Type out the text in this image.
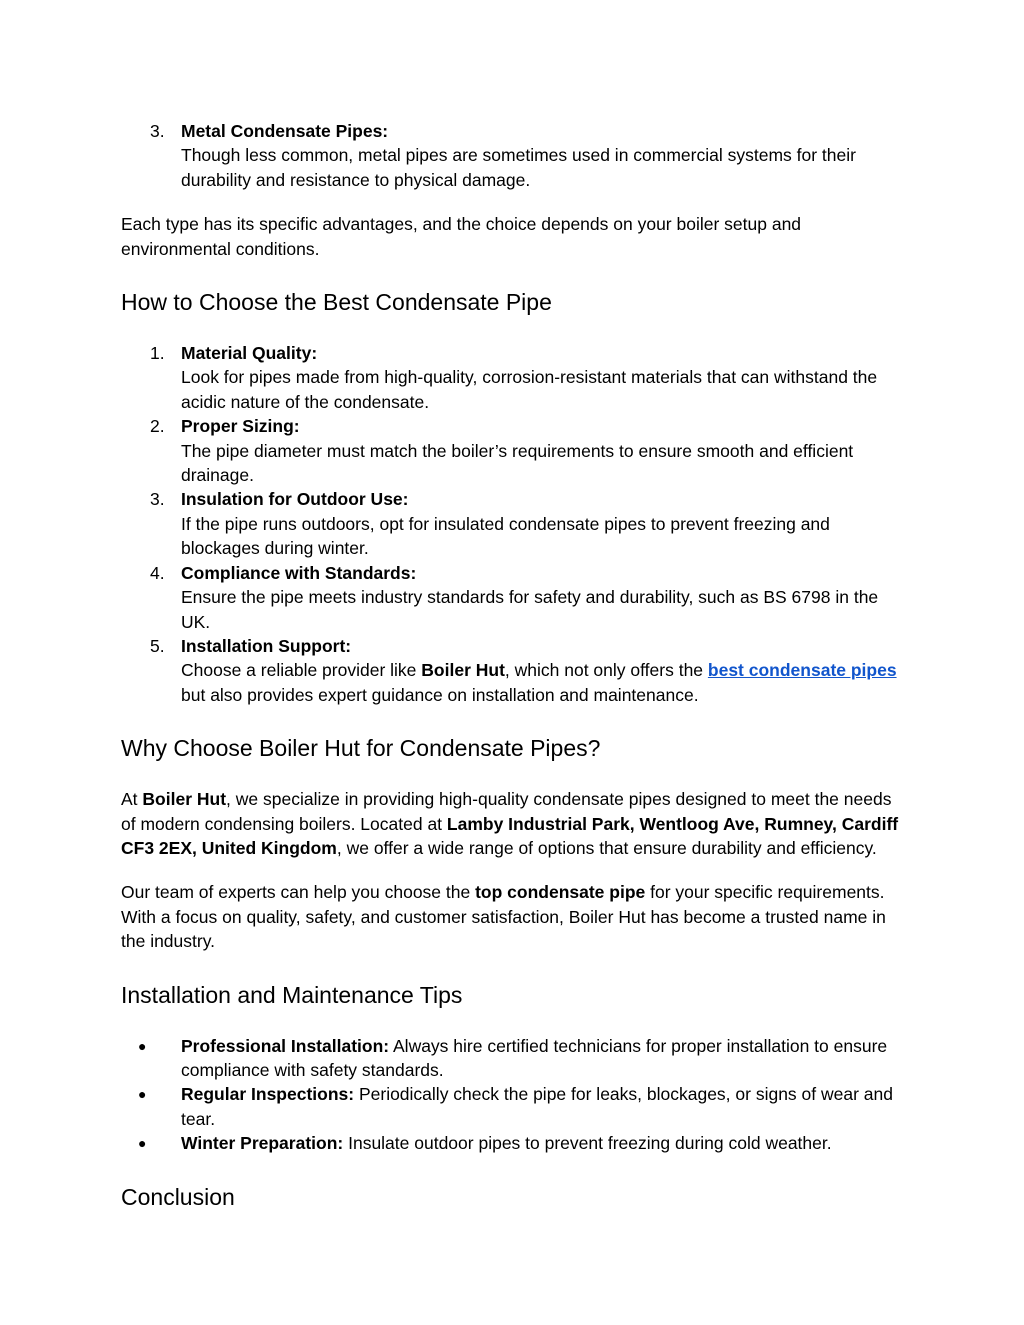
3. Metal Condensate Pipes:
Though less common, metal pipes are sometimes used in commercial systems for their durability and resistance to physical damage.

Each type has its specific advantages, and the choice depends on your boiler setup and environmental conditions.

How to Choose the Best Condensate Pipe
1. Material Quality:
Look for pipes made from high-quality, corrosion-resistant materials that can withstand the acidic nature of the condensate.
2. Proper Sizing:
The pipe diameter must match the boiler’s requirements to ensure smooth and efficient drainage.
3. Insulation for Outdoor Use:
If the pipe runs outdoors, opt for insulated condensate pipes to prevent freezing and blockages during winter.
4. Compliance with Standards:
Ensure the pipe meets industry standards for safety and durability, such as BS 6798 in the UK.
5. Installation Support:
Choose a reliable provider like Boiler Hut, which not only offers the best condensate pipes but also provides expert guidance on installation and maintenance.
Why Choose Boiler Hut for Condensate Pipes?

At Boiler Hut, we specialize in providing high-quality condensate pipes designed to meet the needs of modern condensing boilers. Located at Lamby Industrial Park, Wentloog Ave, Rumney, Cardiff CF3 2EX, United Kingdom, we offer a wide range of options that ensure durability and efficiency.

Our team of experts can help you choose the top condensate pipe for your specific requirements. With a focus on quality, safety, and customer satisfaction, Boiler Hut has become a trusted name in the industry.

Installation and Maintenance Tips
● Professional Installation: Always hire certified technicians for proper installation to ensure compliance with safety standards.
● Regular Inspections: Periodically check the pipe for leaks, blockages, or signs of wear and tear.
● Winter Preparation: Insulate outdoor pipes to prevent freezing during cold weather.
Conclusion
